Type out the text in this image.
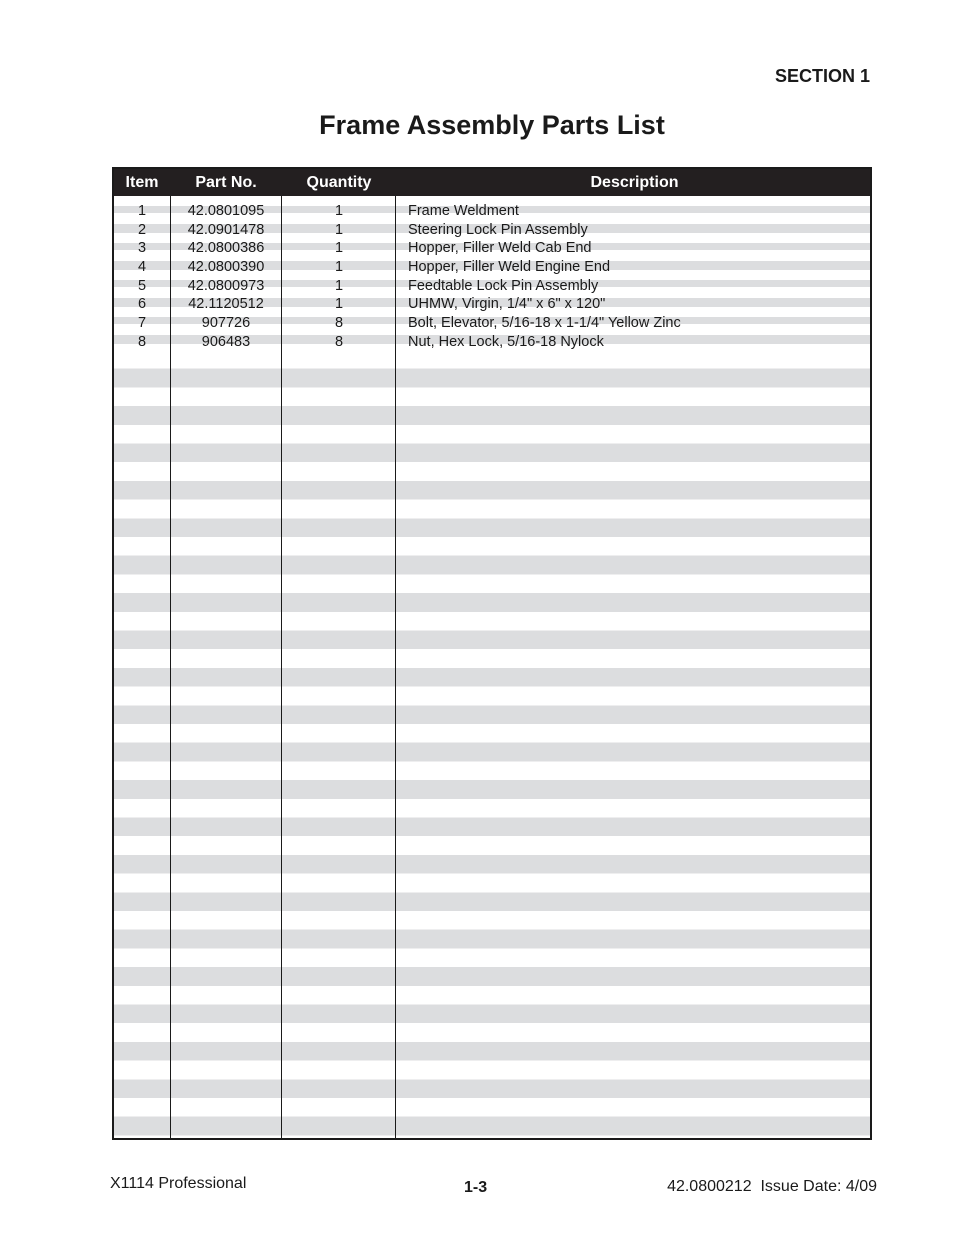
SECTION 1
Frame Assembly Parts List
Item	Part No.	Quantity	Description
1	42.0801095	1	Frame Weldment
2	42.0901478	1	Steering Lock Pin Assembly
3	42.0800386	1	Hopper, Filler Weld Cab End
4	42.0800390	1	Hopper, Filler Weld Engine End
5	42.0800973	1	Feedtable Lock Pin Assembly
6	42.1120512	1	UHMW, Virgin, 1/4" x 6" x 120"
7	907726	8	Bolt, Elevator, 5/16-18 x 1-1/4" Yellow Zinc
8	906483	8	Nut, Hex Lock, 5/16-18 Nylock
X1114 Professional	1-3	42.0800212  Issue Date: 4/09
